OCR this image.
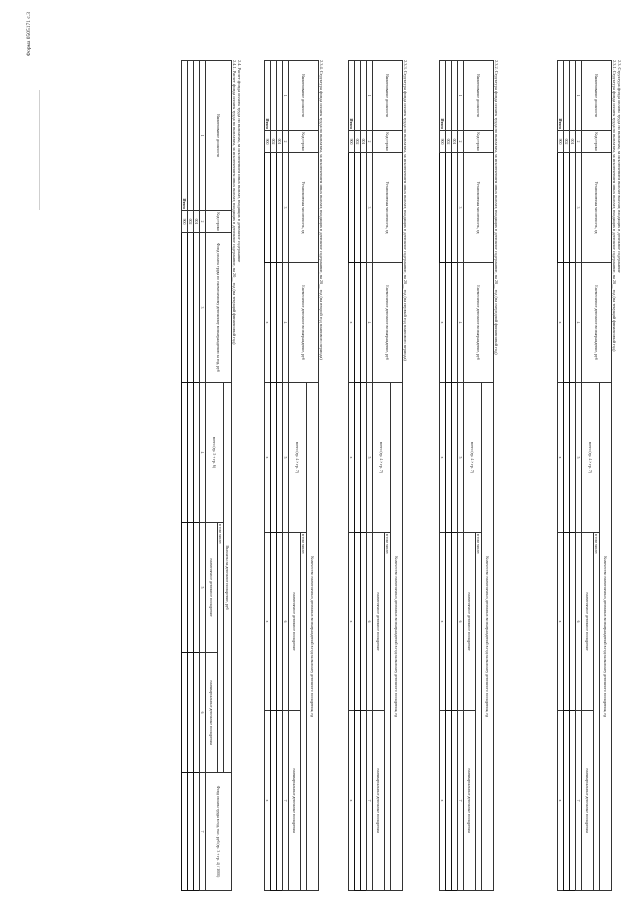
Форма 0505171 с.3
2.3. Структура фонда оплаты труда по выплатам, за исключением выплат выплат, входящих в денежное содержание
2.3.1. Структура фонда оплаты труда по выплатам, за исключением иных выплат, входящих в денежное содержание, на 20__ год (на текущий финансовый год)
Наименование должности	Код строки	Установленная численность, ед	Ежемесячное денежное вознаграждение, руб	Количество ежемесячных денежных вознаграждений в год на выплату денежного поощрения, ед		
				всего (гр. 4 × гр. 7)	в том числе:	
					ежемесячное денежное поощрение	ежеквартальные денежные поощрения
1	2	3	4	5	6	7
	001					
	002					
Итого	900		х	х	х	х
2.3.2. Структура фонда оплаты труда по выплатам, за исключением иных выплат, входящих в денежное содержание, на 20__ год (на очередной финансовый год)
Наименование должности	Код строки	Установленная численность, ед	Ежемесячное денежное вознаграждение, руб	Количество ежемесячных денежных вознаграждений в год на выплату денежного поощрения, ед		
				всего (гр. 4 × гр. 7)	в том числе:	
					ежемесячное денежное поощрение	ежеквартальные денежные поощрения
1	2	3	4	5	6	7
	001					
	002					
Итого	900		х	х	х	х
2.3.3. Структура фонда оплаты труда по выплатам, за исключением иных выплат, входящих в денежное содержание, на 20__ год (на первый год планового периода)
Наименование должности	Код строки	Установленная численность, ед	Ежемесячное денежное вознаграждение, руб	Количество ежемесячных денежных вознаграждений в год на выплату денежного поощрения, ед		
				всего (гр. 4 × гр. 7)	в том числе:	
					ежемесячное денежное поощрение	ежеквартальные денежные поощрения
1	2	3	4	5	6	7
	001					
	002					
Итого	900		х	х	х	х
2.3.4. Структура фонда оплаты труда по выплатам, за исключением иных выплат, входящих в денежное содержание, на 20__ год (на второй год планового периода)
Наименование должности	Код строки	Установленная численность, ед	Ежемесячное денежное вознаграждение, руб	Количество ежемесячных денежных вознаграждений в год на выплату денежного поощрения, ед		
				всего (гр. 4 × гр. 7)	в том числе:	
					ежемесячное денежное поощрение	ежеквартальные денежные поощрения
1	2	3	4	5	6	7
	001					
	002					
Итого	900		х	х	х	х
2.4. Расчет фонда оплаты труда по выплатам, за исключением иных выплат, входящих в денежное содержание
2.4.1. Расчет фонда оплаты труда по выплатам, за исключением иных выплат, входящих в денежное содержание, на 20__ год (на текущий финансовый год)
Наименование должности	Код строки	Фонд оплаты труда по ежемесячному денежному вознаграждению за год, руб	Выплаты на денежное поощрение, руб			Фонд оплаты труда в год, тыс. руб (гр. 3 + гр. 4) / 1000)
			всего (гр. 5 + гр. 6)	в том числе:		
				ежемесячное денежное поощрение	ежеквартальные денежные поощрения	
1	2	3	4	5	6	7
	001					
	002					
Итого	900					
